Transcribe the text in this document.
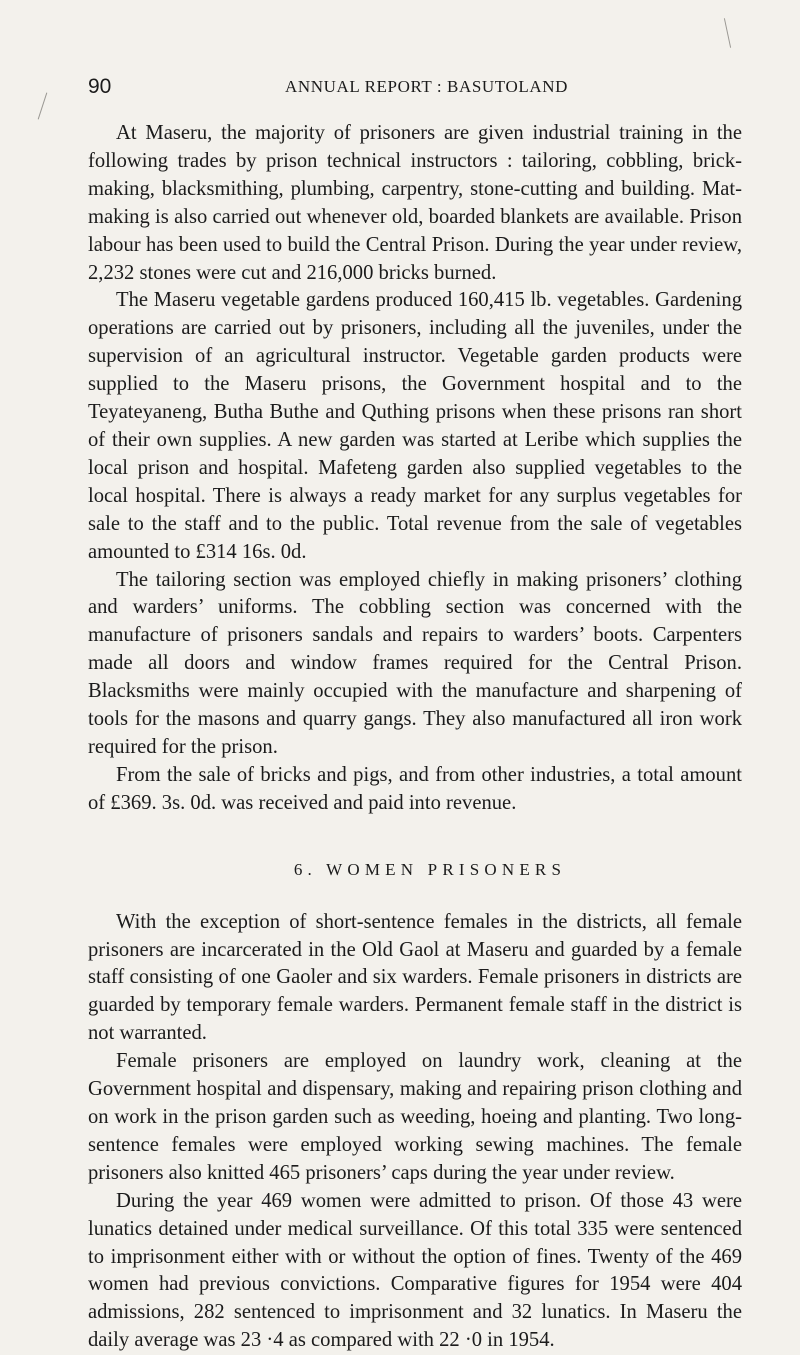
90	ANNUAL REPORT : BASUTOLAND

At Maseru, the majority of prisoners are given industrial training in the following trades by prison technical instructors : tailoring, cobbling, brick-making, blacksmithing, plumbing, carpentry, stone-cutting and building. Mat-making is also carried out whenever old, boarded blankets are available. Prison labour has been used to build the Central Prison. During the year under review, 2,232 stones were cut and 216,000 bricks burned.

The Maseru vegetable gardens produced 160,415 lb. vegetables. Gardening operations are carried out by prisoners, including all the juveniles, under the supervision of an agricultural instructor. Vegetable garden products were supplied to the Maseru prisons, the Government hospital and to the Teyateyaneng, Butha Buthe and Quthing prisons when these prisons ran short of their own supplies. A new garden was started at Leribe which supplies the local prison and hospital. Mafeteng garden also supplied vegetables to the local hospital. There is always a ready market for any surplus vegetables for sale to the staff and to the public. Total revenue from the sale of vegetables amounted to £314 16s. 0d.

The tailoring section was employed chiefly in making prisoners’ clothing and warders’ uniforms. The cobbling section was concerned with the manufacture of prisoners sandals and repairs to warders’ boots. Carpenters made all doors and window frames required for the Central Prison. Blacksmiths were mainly occupied with the manufacture and sharpening of tools for the masons and quarry gangs. They also manufactured all iron work required for the prison.

From the sale of bricks and pigs, and from other industries, a total amount of £369. 3s. 0d. was received and paid into revenue.

6. WOMEN PRISONERS

With the exception of short-sentence females in the districts, all female prisoners are incarcerated in the Old Gaol at Maseru and guarded by a female staff consisting of one Gaoler and six warders. Female prisoners in districts are guarded by temporary female warders. Permanent female staff in the district is not warranted.

Female prisoners are employed on laundry work, cleaning at the Government hospital and dispensary, making and repairing prison clothing and on work in the prison garden such as weeding, hoeing and planting. Two long-sentence females were employed working sewing machines. The female prisoners also knitted 465 prisoners’ caps during the year under review.

During the year 469 women were admitted to prison. Of those 43 were lunatics detained under medical surveillance. Of this total 335 were sentenced to imprisonment either with or without the option of fines. Twenty of the 469 women had previous convictions. Comparative figures for 1954 were 404 admissions, 282 sentenced to imprisonment and 32 lunatics. In Maseru the daily average was 23 ·4 as compared with 22 ·0 in 1954.
